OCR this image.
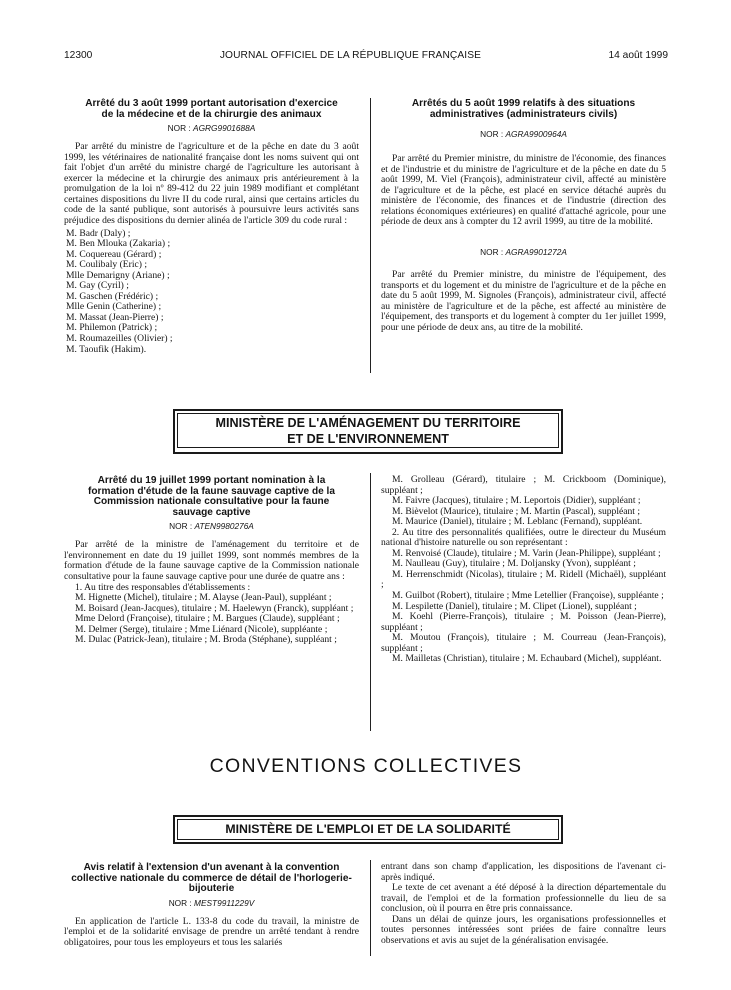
12300	JOURNAL OFFICIEL DE LA RÉPUBLIQUE FRANÇAISE	14 août 1999
Arrêté du 3 août 1999 portant autorisation d'exercice de la médecine et de la chirurgie des animaux
NOR : AGRG9901688A

Par arrêté du ministre de l'agriculture et de la pêche en date du 3 août 1999, les vétérinaires de nationalité française dont les noms suivent qui ont fait l'objet d'un arrêté du ministre chargé de l'agriculture les autorisant à exercer la médecine et la chirurgie des animaux pris antérieurement à la promulgation de la loi nº 89-412 du 22 juin 1989 modifiant et complétant certaines dispositions du livre II du code rural, ainsi que certains articles du code de la santé publique, sont autorisés à poursuivre leurs activités sans préjudice des dispositions du dernier alinéa de l'article 309 du code rural :

M. Badr (Daly) ;
M. Ben Mlouka (Zakaria) ;
M. Coquereau (Gérard) ;
M. Coulibaly (Eric) ;
Mlle Demarigny (Ariane) ;
M. Gay (Cyril) ;
M. Gaschen (Frédéric) ;
Mlle Genin (Catherine) ;
M. Massat (Jean-Pierre) ;
M. Philemon (Patrick) ;
M. Roumazeilles (Olivier) ;
M. Taoufik (Hakim).
Arrêtés du 5 août 1999 relatifs à des situations administratives (administrateurs civils)
NOR : AGRA9900964A

Par arrêté du Premier ministre, du ministre de l'économie, des finances et de l'industrie et du ministre de l'agriculture et de la pêche en date du 5 août 1999, M. Viel (François), administrateur civil, affecté au ministère de l'agriculture et de la pêche, est placé en service détaché auprès du ministère de l'économie, des finances et de l'industrie (direction des relations économiques extérieures) en qualité d'attaché agricole, pour une période de deux ans à compter du 12 avril 1999, au titre de la mobilité.

NOR : AGRA9901272A

Par arrêté du Premier ministre, du ministre de l'équipement, des transports et du logement et du ministre de l'agriculture et de la pêche en date du 5 août 1999, M. Signoles (François), administrateur civil, affecté au ministère de l'agriculture et de la pêche, est affecté au ministère de l'équipement, des transports et du logement à compter du 1er juillet 1999, pour une période de deux ans, au titre de la mobilité.

MINISTÈRE DE L'AMÉNAGEMENT DU TERRITOIRE
ET DE L'ENVIRONNEMENT
Arrêté du 19 juillet 1999 portant nomination à la formation d'étude de la faune sauvage captive de la Commission nationale consultative pour la faune sauvage captive
NOR : ATEN9980276A

Par arrêté de la ministre de l'aménagement du territoire et de l'environnement en date du 19 juillet 1999, sont nommés membres de la formation d'étude de la faune sauvage captive de la Commission nationale consultative pour la faune sauvage captive pour une durée de quatre ans :

1. Au titre des responsables d'établissements :

M. Hignette (Michel), titulaire ; M. Alayse (Jean-Paul), suppléant ;

M. Boisard (Jean-Jacques), titulaire ; M. Haelewyn (Franck), suppléant ;

Mme Delord (Françoise), titulaire ; M. Bargues (Claude), suppléant ;

M. Delmer (Serge), titulaire ; Mme Liénard (Nicole), suppléante ;

M. Dulac (Patrick-Jean), titulaire ; M. Broda (Stéphane), suppléant ;

M. Grolleau (Gérard), titulaire ; M. Crickboom (Dominique), suppléant ;

M. Faivre (Jacques), titulaire ; M. Leportois (Didier), suppléant ;

M. Bièvelot (Maurice), titulaire ; M. Martin (Pascal), suppléant ;

M. Maurice (Daniel), titulaire ; M. Leblanc (Fernand), suppléant.

2. Au titre des personnalités qualifiées, outre le directeur du Muséum national d'histoire naturelle ou son représentant :

M. Renvoisé (Claude), titulaire ; M. Varin (Jean-Philippe), suppléant ;

M. Naulleau (Guy), titulaire ; M. Doljansky (Yvon), suppléant ;

M. Herrenschmidt (Nicolas), titulaire ; M. Ridell (Michaël), suppléant ;

M. Guilbot (Robert), titulaire ; Mme Letellier (Françoise), suppléante ;

M. Lespilette (Daniel), titulaire ; M. Clipet (Lionel), suppléant ;

M. Koehl (Pierre-François), titulaire ; M. Poisson (Jean-Pierre), suppléant ;

M. Moutou (François), titulaire ; M. Courreau (Jean-François), suppléant ;

M. Mailletas (Christian), titulaire ; M. Echaubard (Michel), suppléant.

CONVENTIONS COLLECTIVES
MINISTÈRE DE L'EMPLOI ET DE LA SOLIDARITÉ
Avis relatif à l'extension d'un avenant à la convention collective nationale du commerce de détail de l'horlogerie-bijouterie
NOR : MEST9911229V

En application de l'article L. 133-8 du code du travail, la ministre de l'emploi et de la solidarité envisage de prendre un arrêté tendant à rendre obligatoires, pour tous les employeurs et tous les salariés

entrant dans son champ d'application, les dispositions de l'avenant ci-après indiqué.

Le texte de cet avenant a été déposé à la direction départementale du travail, de l'emploi et de la formation professionnelle du lieu de sa conclusion, où il pourra en être pris connaissance.

Dans un délai de quinze jours, les organisations professionnelles et toutes personnes intéressées sont priées de faire connaître leurs observations et avis au sujet de la généralisation envisagée.
